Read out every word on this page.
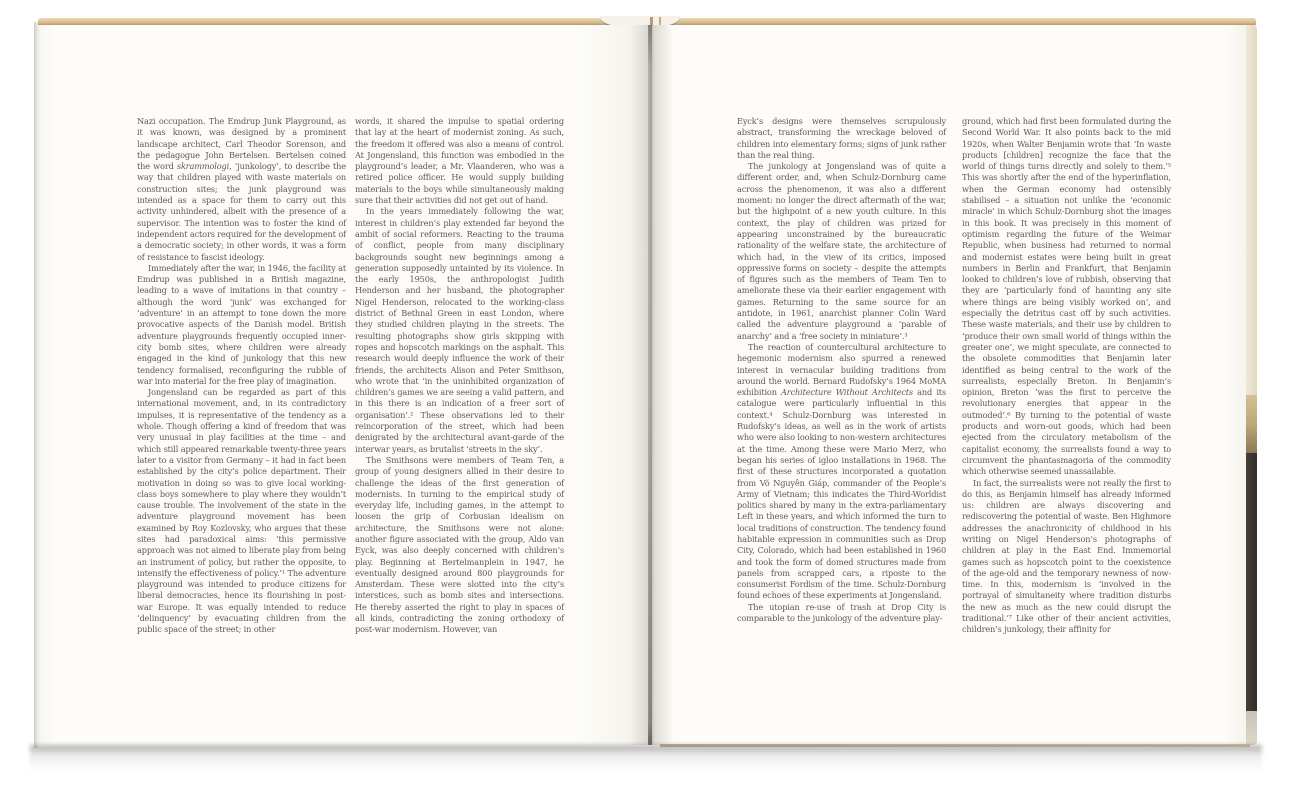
Nazi occupation. The Emdrup Junk Playground, as it was known, was designed by a prominent landscape architect, Carl Theodor Sorenson, and the pedagogue John Bertelsen. Bertelsen coined the word skrammologi, ‘junkology’, to describe the way that children played with waste materials on construction sites; the junk playground was intended as a space for them to carry out this activity unhindered, albeit with the presence of a supervisor. The intention was to foster the kind of independent actors required for the development of a democratic society; in other words, it was a form of resistance to fascist ideology.

Immediately after the war, in 1946, the facility at Emdrup was published in a British magazine, leading to a wave of imitations in that country – although the word ‘junk’ was exchanged for ‘adventure’ in an attempt to tone down the more provocative aspects of the Danish model. British adventure playgrounds frequently occupied inner-city bomb sites, where children were already engaged in the kind of junkology that this new tendency formalised, reconfiguring the rubble of war into material for the free play of imagination.

Jongensland can be regarded as part of this international movement, and, in its contradictory impulses, it is representative of the tendency as a whole. Though offering a kind of freedom that was very unusual in play facilities at the time – and which still appeared remarkable twenty-three years later to a visitor from Germany – it had in fact been established by the city’s police department. Their motivation in doing so was to give local working-class boys somewhere to play where they wouldn’t cause trouble. The involvement of the state in the adventure playground movement has been examined by Roy Kozlovsky, who argues that these sites had paradoxical aims: ‘this permissive approach was not aimed to liberate play from being an instrument of policy, but rather the opposite, to intensify the effectiveness of policy.’¹ The adventure playground was intended to produce citizens for liberal democracies, hence its flourishing in post-war Europe. It was equally intended to reduce ‘delinquency’ by evacuating children from the public space of the street; in other

words, it shared the impulse to spatial ordering that lay at the heart of modernist zoning. As such, the freedom it offered was also a means of control. At Jongensland, this function was embodied in the playground’s leader, a Mr. Vlaanderen, who was a retired police officer. He would supply building materials to the boys while simultaneously making sure that their activities did not get out of hand.

In the years immediately following the war, interest in children’s play extended far beyond the ambit of social reformers. Reacting to the trauma of conflict, people from many disciplinary backgrounds sought new beginnings among a generation supposedly untainted by its violence. In the early 1950s, the anthropologist Judith Henderson and her husband, the photographer Nigel Henderson, relocated to the working-class district of Bethnal Green in east London, where they studied children playing in the streets. The resulting photographs show girls skipping with ropes and hopscotch markings on the asphalt. This research would deeply influence the work of their friends, the architects Alison and Peter Smithson, who wrote that ‘in the uninhibited organization of children’s games we are seeing a valid pattern, and in this there is an indication of a freer sort of organisation’.² These observations led to their reincorporation of the street, which had been denigrated by the architectural avant-garde of the interwar years, as brutalist ‘streets in the sky’.

The Smithsons were members of Team Ten, a group of young designers allied in their desire to challenge the ideas of the first generation of modernists. In turning to the empirical study of everyday life, including games, in the attempt to loosen the grip of Corbusian idealism on architecture, the Smithsons were not alone: another figure associated with the group, Aldo van Eyck, was also deeply concerned with children’s play. Beginning at Bertelmanplein in 1947, he eventually designed around 800 playgrounds for Amsterdam. These were slotted into the city’s interstices, such as bomb sites and intersections. He thereby asserted the right to play in spaces of all kinds, contradicting the zoning orthodoxy of post-war modernism. However, van

Eyck’s designs were themselves scrupulously abstract, transforming the wreckage beloved of children into elementary forms; signs of junk rather than the real thing.

The junkology at Jongensland was of quite a different order, and, when Schulz-Dornburg came across the phenomenon, it was also a different moment: no longer the direct aftermath of the war, but the highpoint of a new youth culture. In this context, the play of children was prized for appearing unconstrained by the bureaucratic rationality of the welfare state, the architecture of which had, in the view of its critics, imposed oppressive forms on society – despite the attempts of figures such as the members of Team Ten to ameliorate these via their earlier engagement with games. Returning to the same source for an antidote, in 1961, anarchist planner Colin Ward called the adventure playground a ‘parable of anarchy’ and a ‘free society in miniature’.³

The reaction of countercultural architecture to hegemonic modernism also spurred a renewed interest in vernacular building traditions from around the world. Bernard Rudofsky’s 1964 MoMA exhibition Architecture Without Architects and its catalogue were particularly influential in this context.⁴ Schulz-Dornburg was interested in Rudofsky’s ideas, as well as in the work of artists who were also looking to non-western architectures at the time. Among these were Mario Merz, who began his series of igloo installations in 1968. The first of these structures incorporated a quotation from Võ Nguyên Giáp, commander of the People’s Army of Vietnam; this indicates the Third-Worldist politics shared by many in the extra-parliamentary Left in these years, and which informed the turn to local traditions of construction. The tendency found habitable expression in communities such as Drop City, Colorado, which had been established in 1960 and took the form of domed structures made from panels from scrapped cars, a riposte to the consumerist Fordism of the time. Schulz-Dornburg found echoes of these experiments at Jongensland.

The utopian re-use of trash at Drop City is comparable to the junkology of the adventure play-

ground, which had first been formulated during the Second World War. It also points back to the mid 1920s, when Walter Benjamin wrote that ‘In waste products [children] recognize the face that the world of things turns directly and solely to them.’⁵ This was shortly after the end of the hyperinflation, when the German economy had ostensibly stabilised – a situation not unlike the ‘economic miracle’ in which Schulz-Dornburg shot the images in this book. It was precisely in this moment of optimism regarding the future of the Weimar Republic, when business had returned to normal and modernist estates were being built in great numbers in Berlin and Frankfurt, that Benjamin looked to children’s love of rubbish, observing that they are ‘particularly fond of haunting any site where things are being visibly worked on’, and especially the detritus cast off by such activities. These waste materials, and their use by children to ‘produce their own small world of things within the greater one’, we might speculate, are connected to the obsolete commodities that Benjamin later identified as being central to the work of the surrealists, especially Breton. In Benjamin’s opinion, Breton ‘was the first to perceive the revolutionary energies that appear in the outmoded’.⁶ By turning to the potential of waste products and worn-out goods, which had been ejected from the circulatory metabolism of the capitalist economy, the surrealists found a way to circumvent the phantasmagoria of the commodity which otherwise seemed unassailable.

In fact, the surrealists were not really the first to do this, as Benjamin himself has already informed us: children are always discovering and rediscovering the potential of waste. Ben Highmore addresses the anachronicity of childhood in his writing on Nigel Henderson’s photographs of children at play in the East End. Immemorial games such as hopscotch point to the coexistence of the age-old and the temporary newness of now-time. In this, modernism is ‘involved in the portrayal of simultaneity where tradition disturbs the new as much as the new could disrupt the traditional.’⁷ Like other of their ancient activities, children’s junkology, their affinity for
